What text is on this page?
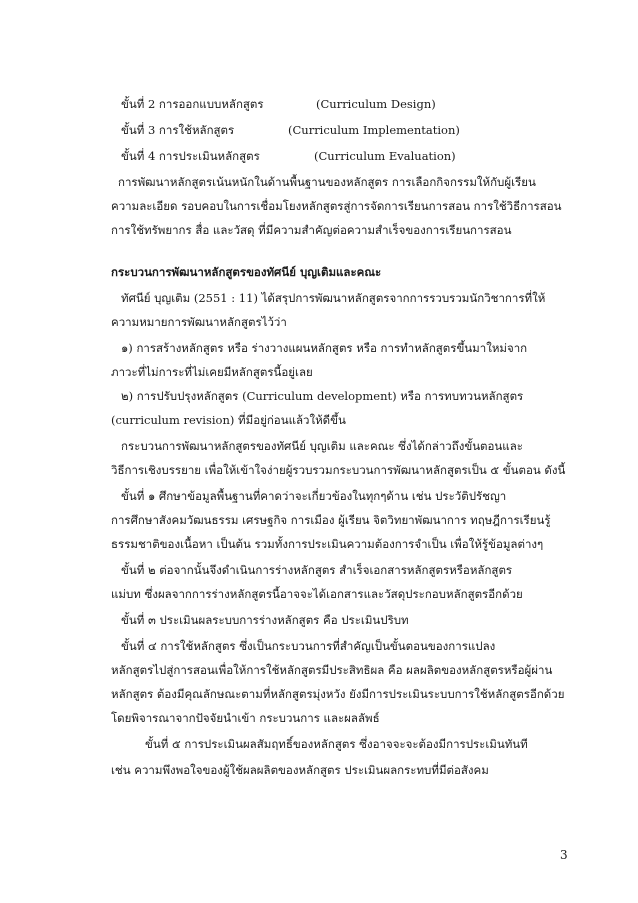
ขั้นที่ 2 การออกแบบหลักสูตร	(Curriculum Design)
ขั้นที่ 3 การใช้หลักสูตร	(Curriculum Implementation)
ขั้นที่ 4 การประเมินหลักสูตร	(Curriculum Evaluation)
การพัฒนาหลักสูตรเน้นหนักในด้านพื้นฐานของหลักสูตร การเลือกกิจกรรมให้กับผู้เรียน
ความละเอียด รอบคอบในการเชื่อมโยงหลักสูตรสู่การจัดการเรียนการสอน การใช้วิธีการสอน
การใช้ทรัพยากร สื่อ และวัสดุ ที่มีความสำคัญต่อความสำเร็จของการเรียนการสอน
กระบวนการพัฒนาหลักสูตรของทัศนีย์ บุญเติมและคณะ
ทัศนีย์ บุญเติม (2551 : 11) ได้สรุปการพัฒนาหลักสูตรจากการรวบรวมนักวิชาการที่ให้
ความหมายการพัฒนาหลักสูตรไว้ว่า
๑) การสร้างหลักสูตร หรือ ร่างวางแผนหลักสูตร หรือ การทำหลักสูตรขึ้นมาใหม่จาก
ภาวะที่ไม่การะที่ไม่เคยมีหลักสูตรนี้อยู่เลย
๒) การปรับปรุงหลักสูตร (Curriculum development) หรือ การทบทวนหลักสูตร
(curriculum revision) ที่มีอยู่ก่อนแล้วให้ดีขึ้น
กระบวนการพัฒนาหลักสูตรของทัศนีย์ บุญเติม และคณะ ซึ่งได้กล่าวถึงขั้นตอนและ
วิธีการเชิงบรรยาย เพื่อให้เข้าใจง่ายผู้รวบรวมกระบวนการพัฒนาหลักสูตรเป็น ๕ ขั้นตอน ดังนี้
ขั้นที่ ๑ ศึกษาข้อมูลพื้นฐานที่คาดว่าจะเกี่ยวข้องในทุกๆด้าน เช่น ประวัติปรัชญา
การศึกษาสังคมวัฒนธรรม เศรษฐกิจ การเมือง ผู้เรียน จิตวิทยาพัฒนาการ ทฤษฎีการเรียนรู้
ธรรมชาติของเนื้อหา เป็นต้น รวมทั้งการประเมินความต้องการจำเป็น เพื่อให้รู้ข้อมูลต่างๆ
ขั้นที่ ๒ ต่อจากนั้นจึงดำเนินการร่างหลักสูตร สำเร็จเอกสารหลักสูตรหรือหลักสูตร
แม่บท ซึ่งผลจากการร่างหลักสูตรนี้อาจจะได้เอกสารและวัสดุประกอบหลักสูตรอีกด้วย
ขั้นที่ ๓ ประเมินผลระบบการร่างหลักสูตร คือ ประเมินปริบท
ขั้นที่ ๔ การใช้หลักสูตร ซึ่งเป็นกระบวนการที่สำคัญเป็นขั้นตอนของการแปลง
หลักสูตรไปสู่การสอนเพื่อให้การใช้หลักสูตรมีประสิทธิผล คือ ผลผลิตของหลักสูตรหรือผู้ผ่าน
หลักสูตร ต้องมีคุณลักษณะตามที่หลักสูตรมุ่งหวัง ยังมีการประเมินระบบการใช้หลักสูตรอีกด้วย
โดยพิจารณาจากปัจจัยนำเข้า กระบวนการ และผลลัพธ์
ขั้นที่ ๕ การประเมินผลสัมฤทธิ์ของหลักสูตร ซึ่งอาจจะจะต้องมีการประเมินทันที
เช่น ความพึงพอใจของผู้ใช้ผลผลิตของหลักสูตร ประเมินผลกระทบที่มีต่อสังคม
3
